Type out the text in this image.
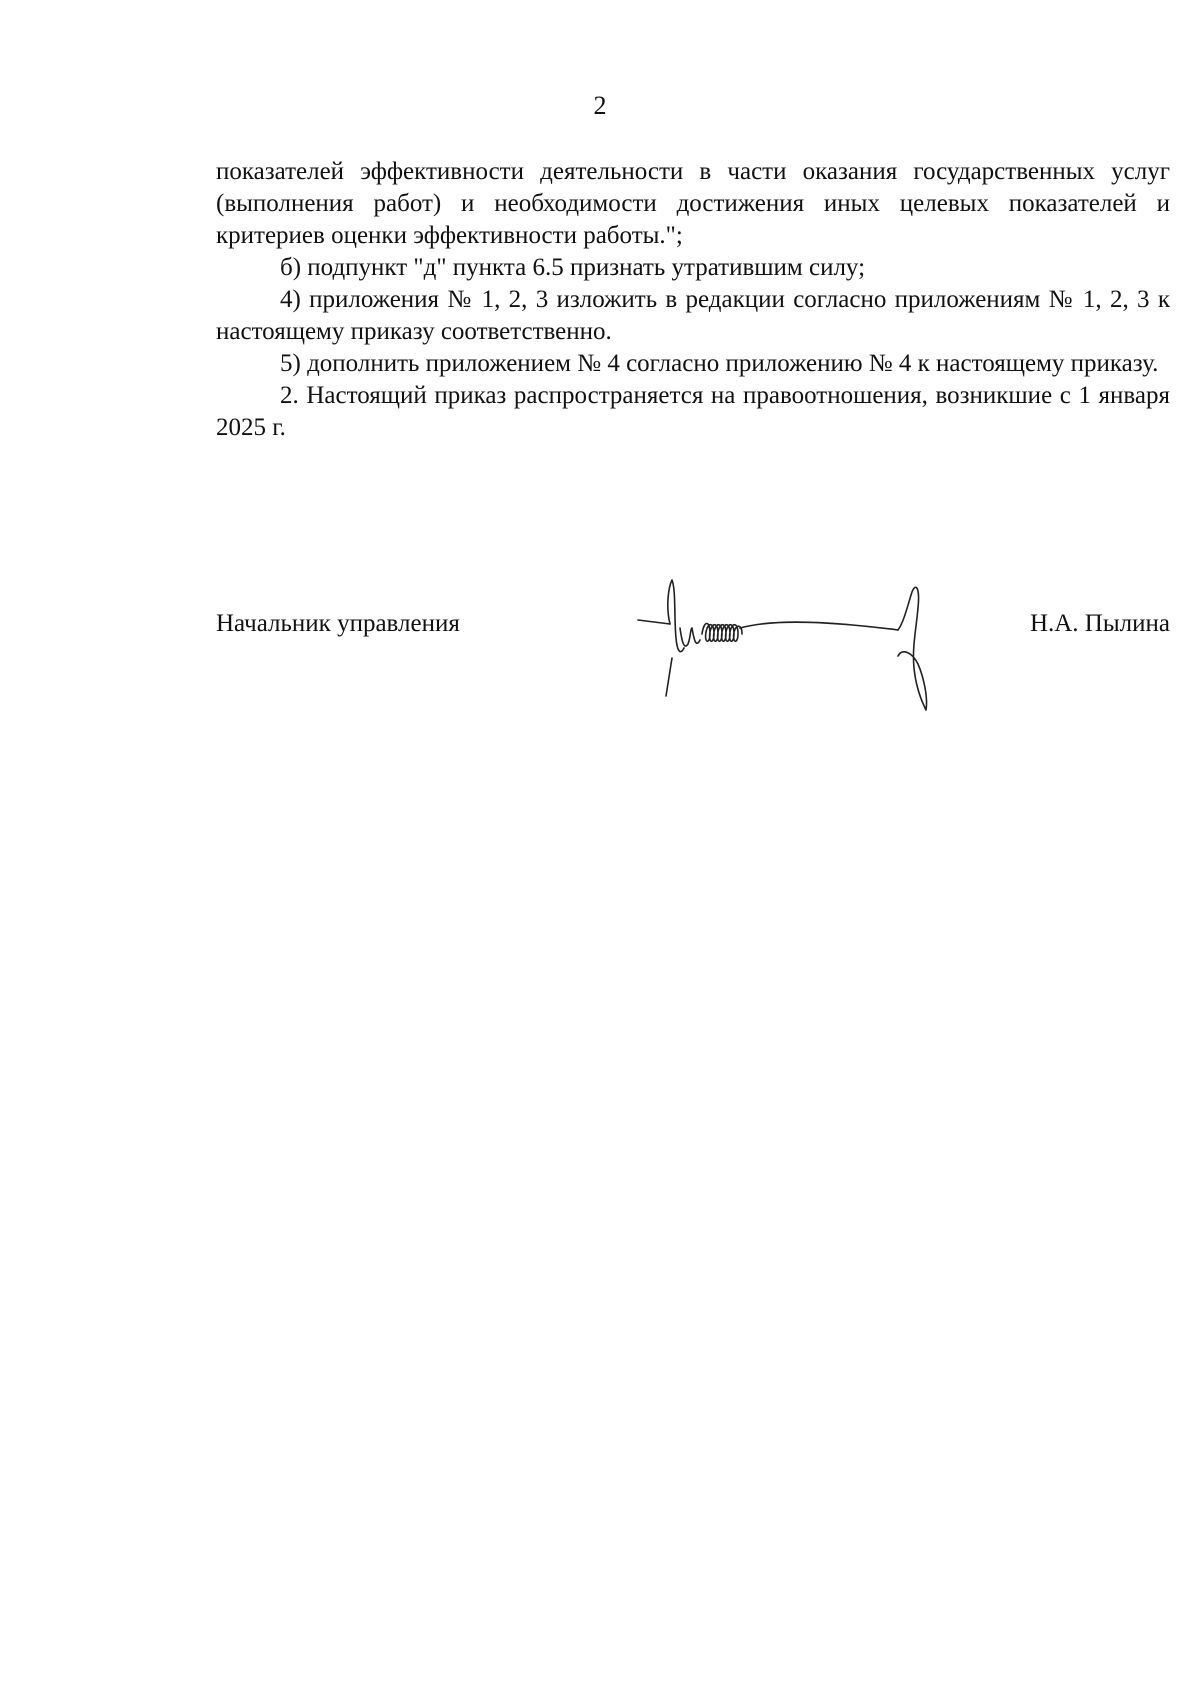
2

показателей эффективности деятельности в части оказания государственных услуг (выполнения работ) и необходимости достижения иных целевых показателей и критериев оценки эффективности работы.";

б) подпункт "д" пункта 6.5 признать утратившим силу;

4) приложения № 1, 2, 3 изложить в редакции согласно приложениям № 1, 2, 3 к настоящему приказу соответственно.

5) дополнить приложением № 4 согласно приложению № 4 к настоящему приказу.

2. Настоящий приказ распространяется на правоотношения, возникшие с 1 января 2025 г.

Начальник управления	Н.А. Пылина
